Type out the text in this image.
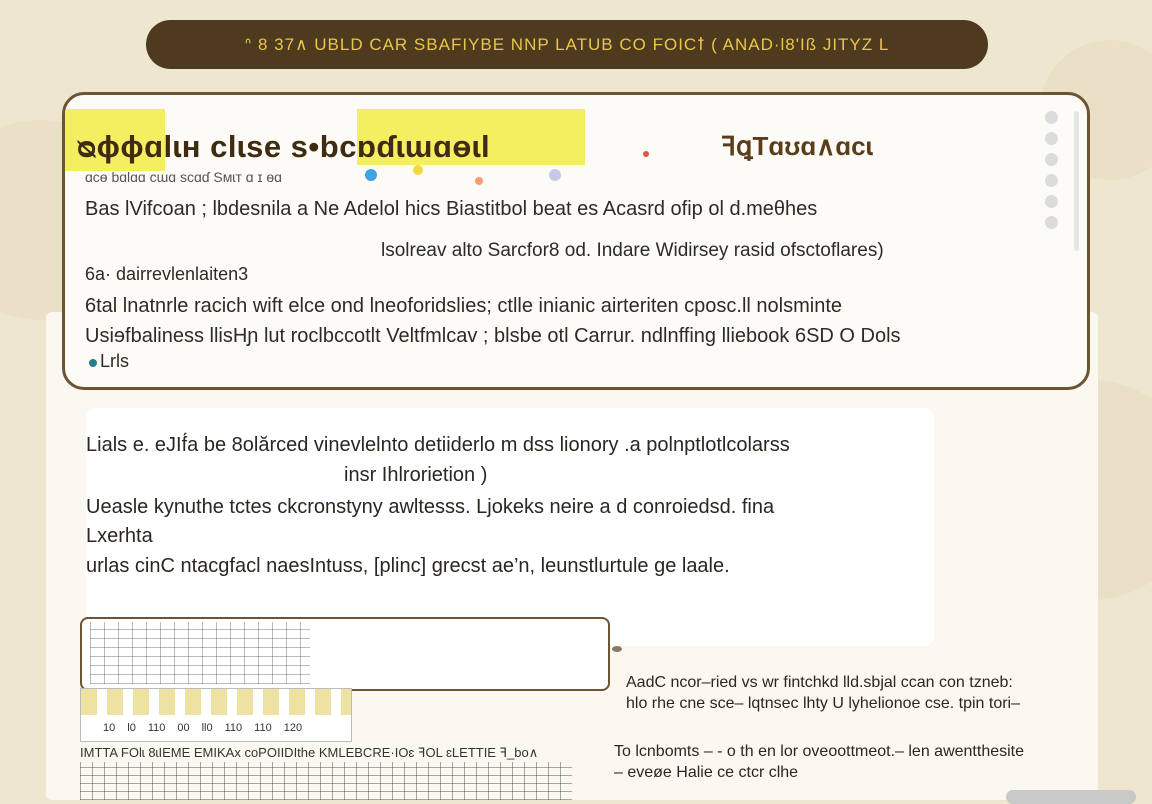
ᐢ 8 37∧ UBLD CAR SBAFIYBE NNP LATUB CO FOICꝉ ( ANAD·l8'Iß JITYZ L
ᴓɸɸɑlɩʜ clɩse s•bcɒɗɩɯɑɵɩl	ꟻꝗTɑʊɑ∧ɑcɩ
ɑcɵ bɑlɑɑ cɯɑ scɑɗ Sᴍɩт ɑ ɪ ɵɑ
Bas lVifcoan ; lbdesnila a Ne Adelol hics Biastitbol beat es Acasrd ofip ol d.meθhes
lsolreav alto Sarcfor8 od. Indare Widirsey rasid ofsctoflares)
6a· dairrevlenlaiten3
6tal lnatnrle racich wift elce ond lneoforidslies; ctlle inianic airteriten cposc.ll nolsminte
Usiɘfbaliness llisHɲ lut roclbccotlt Veltfmlcav ; blsbe otl Carrur. ndlnffing lliebook 6SD O Dols
Lrls
Lials e. eJIf́a be 8olărced vinevlelnto detiiderlo m dss lionory .a polnptlotlcolarss
insr Ihlrorietion )
Ueasle kynuthe tctes ckcronstyny awltesss. Ljokeks neire a d conroiedsd. fina
Lxerhta
urlas cinC ntacgfacl naesIntuss, [plinc] grecst ae’n, leunstlurtule ge laale.
10 l0 110 00 ll0 110 110 120
AadC ncor–ried vs wr fintchkd lld.sbjal ccan con tzneb:
hlo rhe cne sce– lqtnsec lhty U lyhelionoe cse. tpin tori–
To lcnbomts – - o th en lor oveoottmeot.– len awentthesite
– eveøe Halie ce ctcr clhe
IMTTA FOlɩ 8ɩIEME EMIKAx coPOIIDIthe KMLEBCRE·IOɛ ꟻOL ɛLETTIE ꟻ_bo∧
